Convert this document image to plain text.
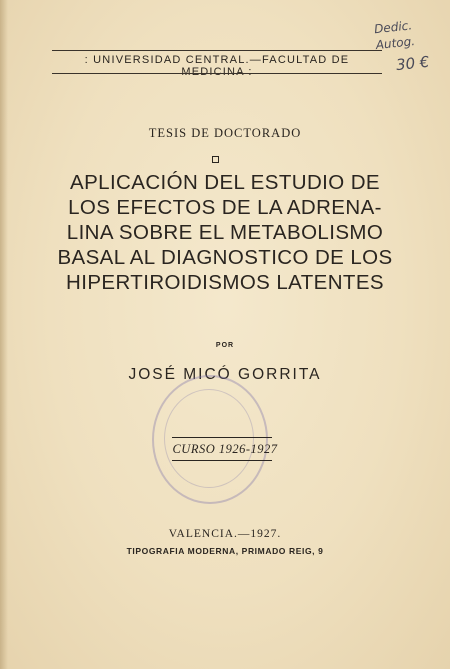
Dedic.
Autog.
30 €
: UNIVERSIDAD CENTRAL.—FACULTAD DE MEDICINA :
TESIS DE DOCTORADO
APLICACIÓN DEL ESTUDIO DE
LOS EFECTOS DE LA ADRENA-
LINA SOBRE EL METABOLISMO
BASAL AL DIAGNOSTICO DE LOS
HIPERTIROIDISMOS LATENTES
POR
JOSÉ MICÓ GORRITA
CURSO 1926-1927
VALENCIA.—1927.
TIPOGRAFIA MODERNA, PRIMADO REIG, 9
